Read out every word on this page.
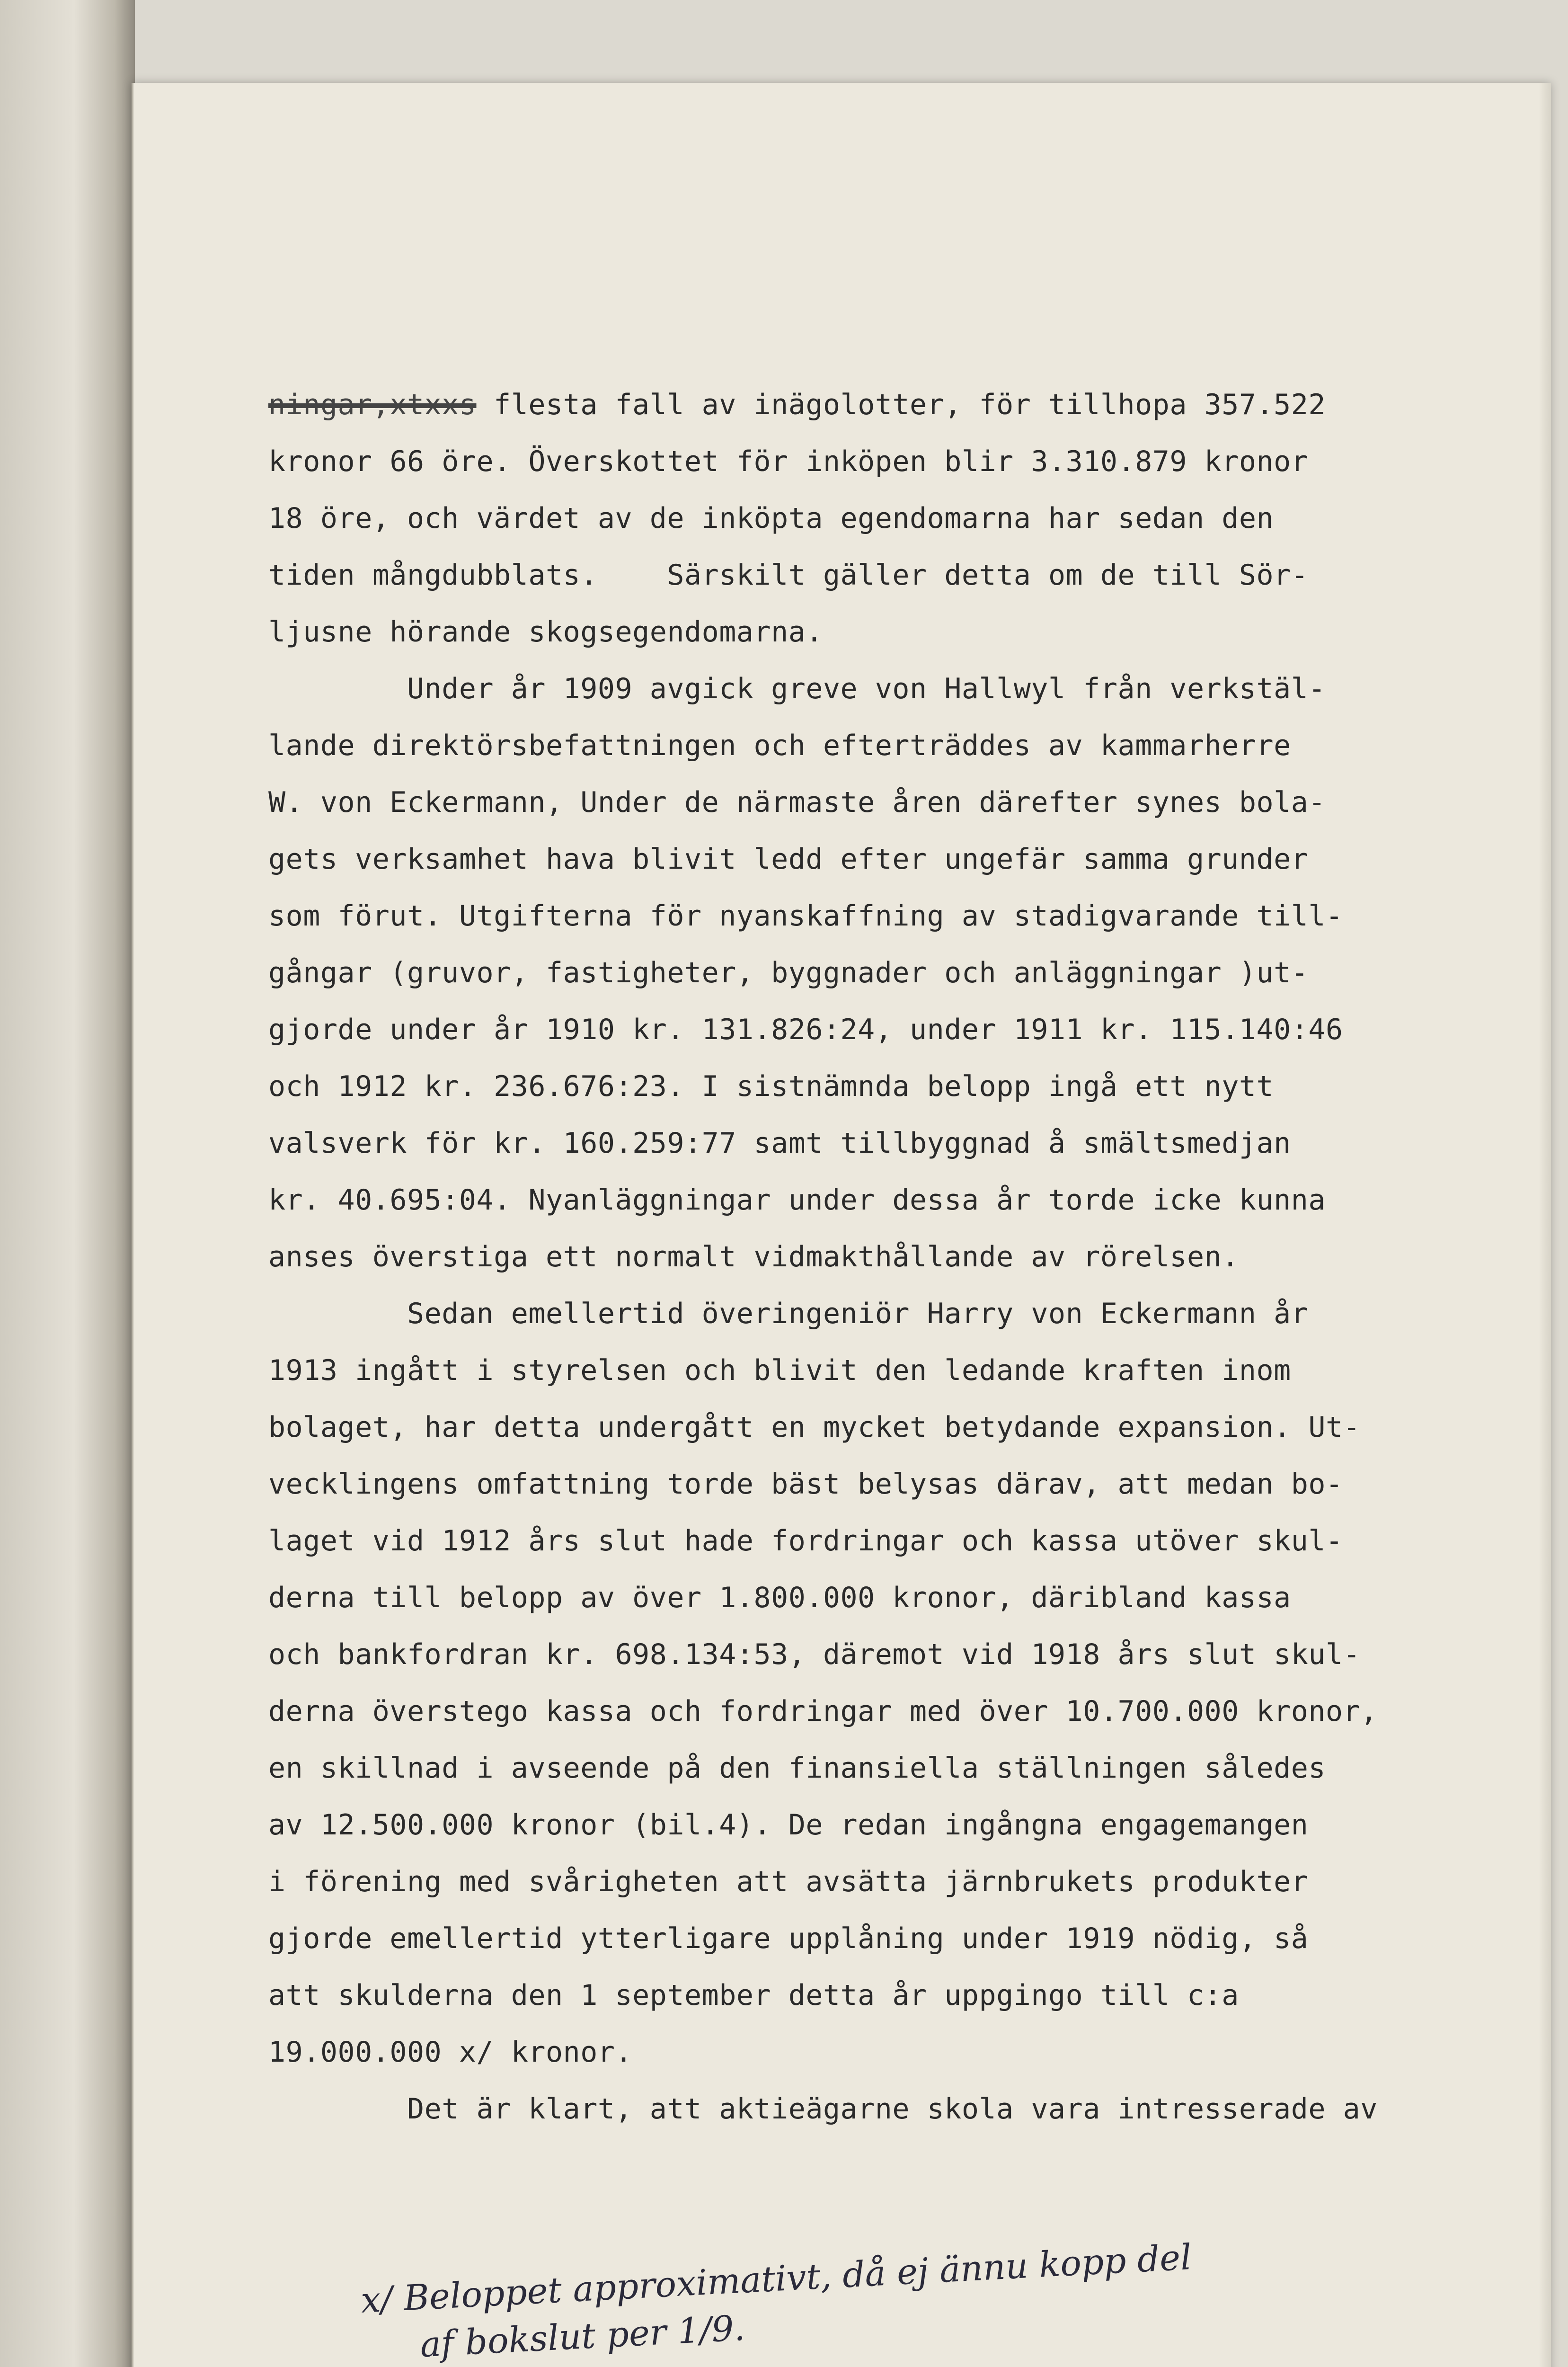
ningar,xtxxs flesta fall av inägolotter, för tillhopa 357.522
kronor 66 öre. Överskottet för inköpen blir 3.310.879 kronor
18 öre, och värdet av de inköpta egendomarna har sedan den
tiden mångdubblats.    Särskilt gäller detta om de till Sör-
ljusne hörande skogsegendomarna.
Under år 1909 avgick greve von Hallwyl från verkstäl-
lande direktörsbefattningen och efterträddes av kammarherre
W. von Eckermann, Under de närmaste åren därefter synes bola-
gets verksamhet hava blivit ledd efter ungefär samma grunder
som förut. Utgifterna för nyanskaffning av stadigvarande till-
gångar (gruvor, fastigheter, byggnader och anläggningar )ut-
gjorde under år 1910 kr. 131.826:24, under 1911 kr. 115.140:46
och 1912 kr. 236.676:23. I sistnämnda belopp ingå ett nytt
valsverk för kr. 160.259:77 samt tillbyggnad å smältsmedjan
kr. 40.695:04. Nyanläggningar under dessa år torde icke kunna
anses överstiga ett normalt vidmakthållande av rörelsen.
Sedan emellertid överingeniör Harry von Eckermann år
1913 ingått i styrelsen och blivit den ledande kraften inom
bolaget, har detta undergått en mycket betydande expansion. Ut-
vecklingens omfattning torde bäst belysas därav, att medan bo-
laget vid 1912 års slut hade fordringar och kassa utöver skul-
derna till belopp av över 1.800.000 kronor, däribland kassa
och bankfordran kr. 698.134:53, däremot vid 1918 års slut skul-
derna överstego kassa och fordringar med över 10.700.000 kronor,
en skillnad i avseende på den finansiella ställningen således
av 12.500.000 kronor (bil.4). De redan ingångna engagemangen
i förening med svårigheten att avsätta järnbrukets produkter
gjorde emellertid ytterligare upplåning under 1919 nödig, så
att skulderna den 1 september detta år uppgingo till c:a
19.000.000 x/ kronor.
Det är klart, att aktieägarne skola vara intresserade av
x/ Beloppet approximativt, då ej ännu kopp del
af bokslut per 1/9.
